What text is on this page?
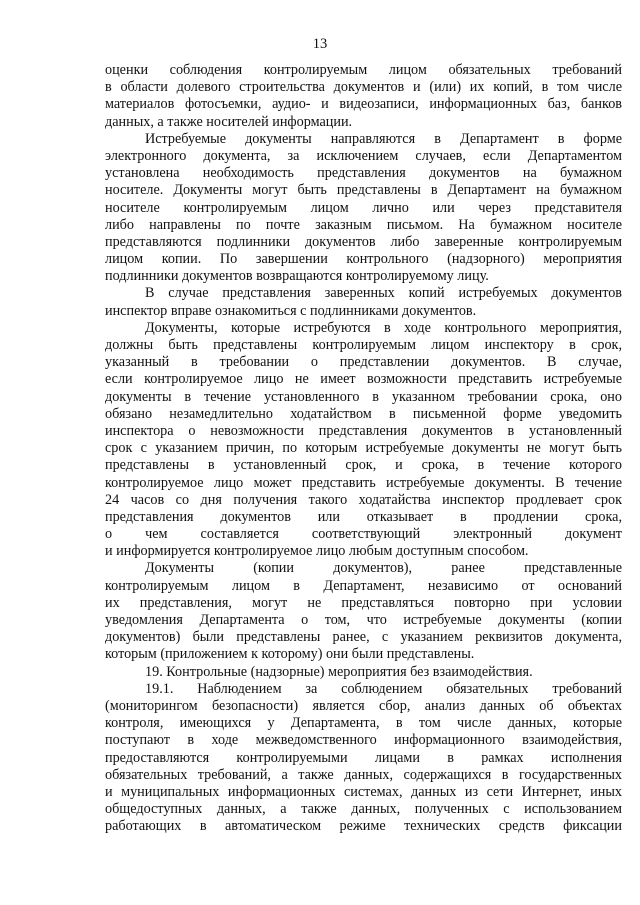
13
оценки соблюдения контролируемым лицом обязательных требований
в области долевого строительства документов и (или) их копий, в том числе
материалов фотосъемки, аудио- и видеозаписи, информационных баз, банков
данных, а также носителей информации.
Истребуемые документы направляются в Департамент в форме
электронного документа, за исключением случаев, если Департаментом
установлена необходимость представления документов на бумажном
носителе. Документы могут быть представлены в Департамент на бумажном
носителе контролируемым лицом лично или через представителя
либо направлены по почте заказным письмом. На бумажном носителе
представляются подлинники документов либо заверенные контролируемым
лицом копии. По завершении контрольного (надзорного) мероприятия
подлинники документов возвращаются контролируемому лицу.
В случае представления заверенных копий истребуемых документов
инспектор вправе ознакомиться с подлинниками документов.
Документы, которые истребуются в ходе контрольного мероприятия,
должны быть представлены контролируемым лицом инспектору в срок,
указанный в требовании о представлении документов. В случае,
если контролируемое лицо не имеет возможности представить истребуемые
документы в течение установленного в указанном требовании срока, оно
обязано незамедлительно ходатайством в письменной форме уведомить
инспектора о невозможности представления документов в установленный
срок с указанием причин, по которым истребуемые документы не могут быть
представлены в установленный срок, и срока, в течение которого
контролируемое лицо может представить истребуемые документы. В течение
24 часов со дня получения такого ходатайства инспектор продлевает срок
представления документов или отказывает в продлении срока,
о чем составляется соответствующий электронный документ
и информируется контролируемое лицо любым доступным способом.
Документы (копии документов), ранее представленные
контролируемым лицом в Департамент, независимо от оснований
их представления, могут не представляться повторно при условии
уведомления Департамента о том, что истребуемые документы (копии
документов) были представлены ранее, с указанием реквизитов документа,
которым (приложением к которому) они были представлены.
19. Контрольные (надзорные) мероприятия без взаимодействия.
19.1. Наблюдением за соблюдением обязательных требований
(мониторингом безопасности) является сбор, анализ данных об объектах
контроля, имеющихся у Департамента, в том числе данных, которые
поступают в ходе межведомственного информационного взаимодействия,
предоставляются контролируемыми лицами в рамках исполнения
обязательных требований, а также данных, содержащихся в государственных
и муниципальных информационных системах, данных из сети Интернет, иных
общедоступных данных, а также данных, полученных с использованием
работающих в автоматическом режиме технических средств фиксации
